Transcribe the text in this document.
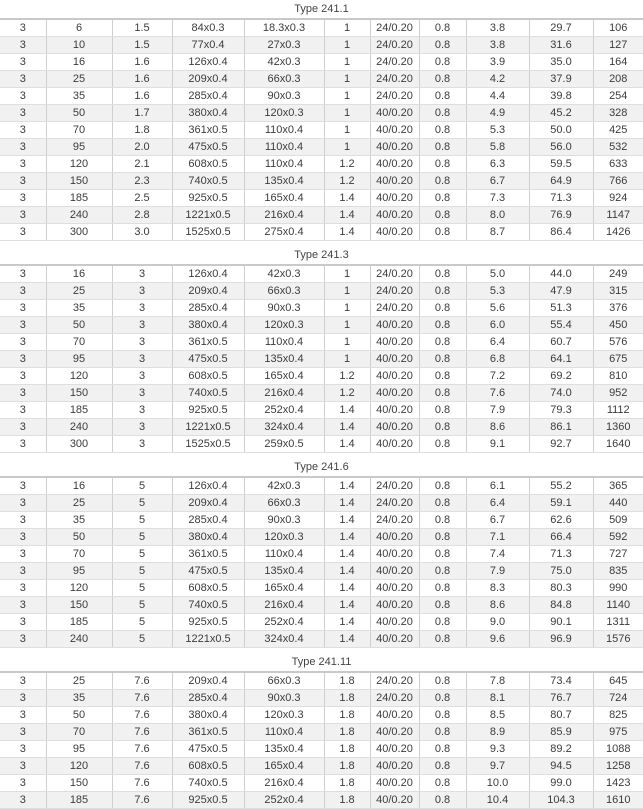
Type 241.1
3	6	1.5	84x0.3	18.3x0.3	1	24/0.20	0.8	3.8	29.7	106
3	10	1.5	77x0.4	27x0.3	1	24/0.20	0.8	3.8	31.6	127
3	16	1.6	126x0.4	42x0.3	1	24/0.20	0.8	3.9	35.0	164
3	25	1.6	209x0.4	66x0.3	1	24/0.20	0.8	4.2	37.9	208
3	35	1.6	285x0.4	90x0.3	1	24/0.20	0.8	4.4	39.8	254
3	50	1.7	380x0.4	120x0.3	1	40/0.20	0.8	4.9	45.2	328
3	70	1.8	361x0.5	110x0.4	1	40/0.20	0.8	5.3	50.0	425
3	95	2.0	475x0.5	110x0.4	1	40/0.20	0.8	5.8	56.0	532
3	120	2.1	608x0.5	110x0.4	1.2	40/0.20	0.8	6.3	59.5	633
3	150	2.3	740x0.5	135x0.4	1.2	40/0.20	0.8	6.7	64.9	766
3	185	2.5	925x0.5	165x0.4	1.4	40/0.20	0.8	7.3	71.3	924
3	240	2.8	1221x0.5	216x0.4	1.4	40/0.20	0.8	8.0	76.9	1147
3	300	3.0	1525x0.5	275x0.4	1.4	40/0.20	0.8	8.7	86.4	1426
Type 241.3
3	16	3	126x0.4	42x0.3	1	24/0.20	0.8	5.0	44.0	249
3	25	3	209x0.4	66x0.3	1	24/0.20	0.8	5.3	47.9	315
3	35	3	285x0.4	90x0.3	1	24/0.20	0.8	5.6	51.3	376
3	50	3	380x0.4	120x0.3	1	40/0.20	0.8	6.0	55.4	450
3	70	3	361x0.5	110x0.4	1	40/0.20	0.8	6.4	60.7	576
3	95	3	475x0.5	135x0.4	1	40/0.20	0.8	6.8	64.1	675
3	120	3	608x0.5	165x0.4	1.2	40/0.20	0.8	7.2	69.2	810
3	150	3	740x0.5	216x0.4	1.2	40/0.20	0.8	7.6	74.0	952
3	185	3	925x0.5	252x0.4	1.4	40/0.20	0.8	7.9	79.3	1112
3	240	3	1221x0.5	324x0.4	1.4	40/0.20	0.8	8.6	86.1	1360
3	300	3	1525x0.5	259x0.5	1.4	40/0.20	0.8	9.1	92.7	1640
Type 241.6
3	16	5	126x0.4	42x0.3	1.4	24/0.20	0.8	6.1	55.2	365
3	25	5	209x0.4	66x0.3	1.4	24/0.20	0.8	6.4	59.1	440
3	35	5	285x0.4	90x0.3	1.4	24/0.20	0.8	6.7	62.6	509
3	50	5	380x0.4	120x0.3	1.4	40/0.20	0.8	7.1	66.4	592
3	70	5	361x0.5	110x0.4	1.4	40/0.20	0.8	7.4	71.3	727
3	95	5	475x0.5	135x0.4	1.4	40/0.20	0.8	7.9	75.0	835
3	120	5	608x0.5	165x0.4	1.4	40/0.20	0.8	8.3	80.3	990
3	150	5	740x0.5	216x0.4	1.4	40/0.20	0.8	8.6	84.8	1140
3	185	5	925x0.5	252x0.4	1.4	40/0.20	0.8	9.0	90.1	1311
3	240	5	1221x0.5	324x0.4	1.4	40/0.20	0.8	9.6	96.9	1576
Type 241.11
3	25	7.6	209x0.4	66x0.3	1.8	24/0.20	0.8	7.8	73.4	645
3	35	7.6	285x0.4	90x0.3	1.8	24/0.20	0.8	8.1	76.7	724
3	50	7.6	380x0.4	120x0.3	1.8	40/0.20	0.8	8.5	80.7	825
3	70	7.6	361x0.5	110x0.4	1.8	40/0.20	0.8	8.9	85.9	975
3	95	7.6	475x0.5	135x0.4	1.8	40/0.20	0.8	9.3	89.2	1088
3	120	7.6	608x0.5	165x0.4	1.8	40/0.20	0.8	9.7	94.5	1258
3	150	7.6	740x0.5	216x0.4	1.8	40/0.20	0.8	10.0	99.0	1423
3	185	7.6	925x0.5	252x0.4	1.8	40/0.20	0.8	10.4	104.3	1610
